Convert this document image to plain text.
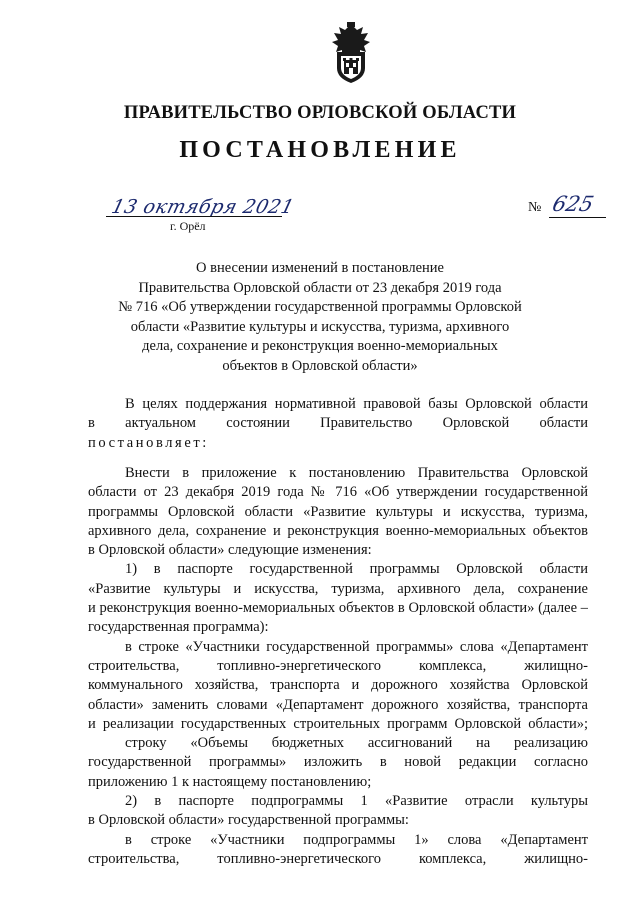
ПРАВИТЕЛЬСТВО ОРЛОВСКОЙ ОБЛАСТИ
ПОСТАНОВЛЕНИЕ
13 октября 2021
г. Орёл
№ 625
О внесении изменений в постановление
Правительства Орловской области от 23 декабря 2019 года
№ 716 «Об утверждении государственной программы Орловской
области «Развитие культуры и искусства, туризма, архивного
дела, сохранение и реконструкция военно-мемориальных
объектов в Орловской области»
В целях поддержания нормативной правовой базы Орловской области
в актуальном состоянии Правительство Орловской области
постановляет:
Внести в приложение к постановлению Правительства Орловской
области от 23 декабря 2019 года № 716 «Об утверждении государственной
программы Орловской области «Развитие культуры и искусства, туризма,
архивного дела, сохранение и реконструкция военно-мемориальных объектов
в Орловской области» следующие изменения:
1) в паспорте государственной программы Орловской области
«Развитие культуры и искусства, туризма, архивного дела, сохранение
и реконструкция военно-мемориальных объектов в Орловской области» (далее –
государственная программа):
в строке «Участники государственной программы» слова «Департамент
строительства, топливно-энергетического комплекса, жилищно-
коммунального хозяйства, транспорта и дорожного хозяйства Орловской
области» заменить словами «Департамент дорожного хозяйства, транспорта
и реализации государственных строительных программ Орловской области»;
строку «Объемы бюджетных ассигнований на реализацию
государственной программы» изложить в новой редакции согласно
приложению 1 к настоящему постановлению;
2) в паспорте подпрограммы 1 «Развитие отрасли культуры
в Орловской области» государственной программы:
в строке «Участники подпрограммы 1» слова «Департамент
строительства, топливно-энергетического комплекса, жилищно-
